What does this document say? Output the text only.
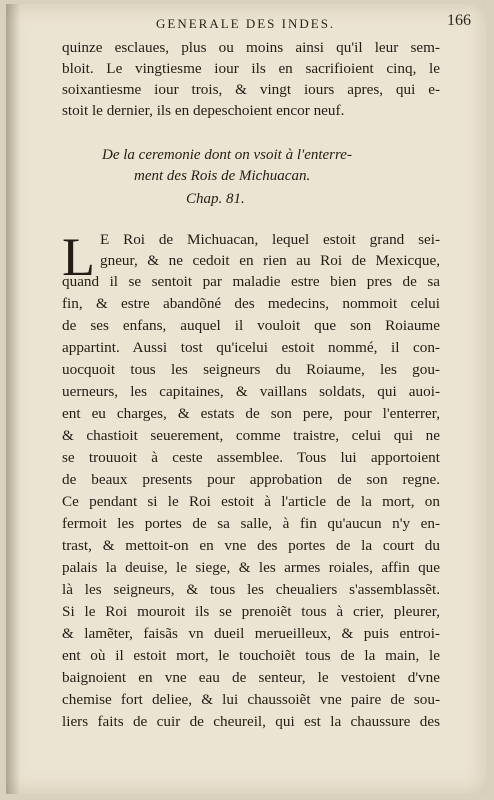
GENERALE DES INDES.	166
quinze esclaues, plus ou moins ainsi qu'il leur sem-
bloit. Le vingtiesme iour ils en sacrifioient cinq, le
soixantiesme iour trois, & vingt iours apres, qui e-
stoit le dernier, ils en depeschoient encor neuf.
De la ceremonie dont on vsoit à l'enterre-
ment des Rois de Michuacan.
Chap. 81.
L E Roi de Michuacan, lequel estoit grand sei-
gneur, & ne cedoit en rien au Roi de Mexicque,
quand il se sentoit par maladie estre bien pres de sa
fin, & estre abandõné des medecins, nommoit celui
de ses enfans, auquel il vouloit que son Roiaume
appartint. Aussi tost qu'icelui estoit nommé, il con-
uocquoit tous les seigneurs du Roiaume, les gou-
uerneurs, les capitaines, & vaillans soldats, qui auoi-
ent eu charges, & estats de son pere, pour l'enterrer,
& chastioit seuerement, comme traistre, celui qui ne
se trouuoit à ceste assemblee. Tous lui apportoient
de beaux presents pour approbation de son regne.
Ce pendant si le Roi estoit à l'article de la mort, on
fermoit les portes de sa salle, à fin qu'aucun n'y en-
trast, & mettoit-on en vne des portes de la court du
palais la deuise, le siege, & les armes roiales, affin que
là les seigneurs, & tous les cheualiers s'assemblassẽt.
Si le Roi mouroit ils se prenoiẽt tous à crier, pleurer,
& lamẽter, faisãs vn dueil merueilleux, & puis entroi-
ent où il estoit mort, le touchoiẽt tous de la main, le
baignoient en vne eau de senteur, le vestoient d'vne
chemise fort deliee, & lui chaussoiẽt vne paire de sou-
liers faits de cuir de cheureil, qui est la chaussure des
